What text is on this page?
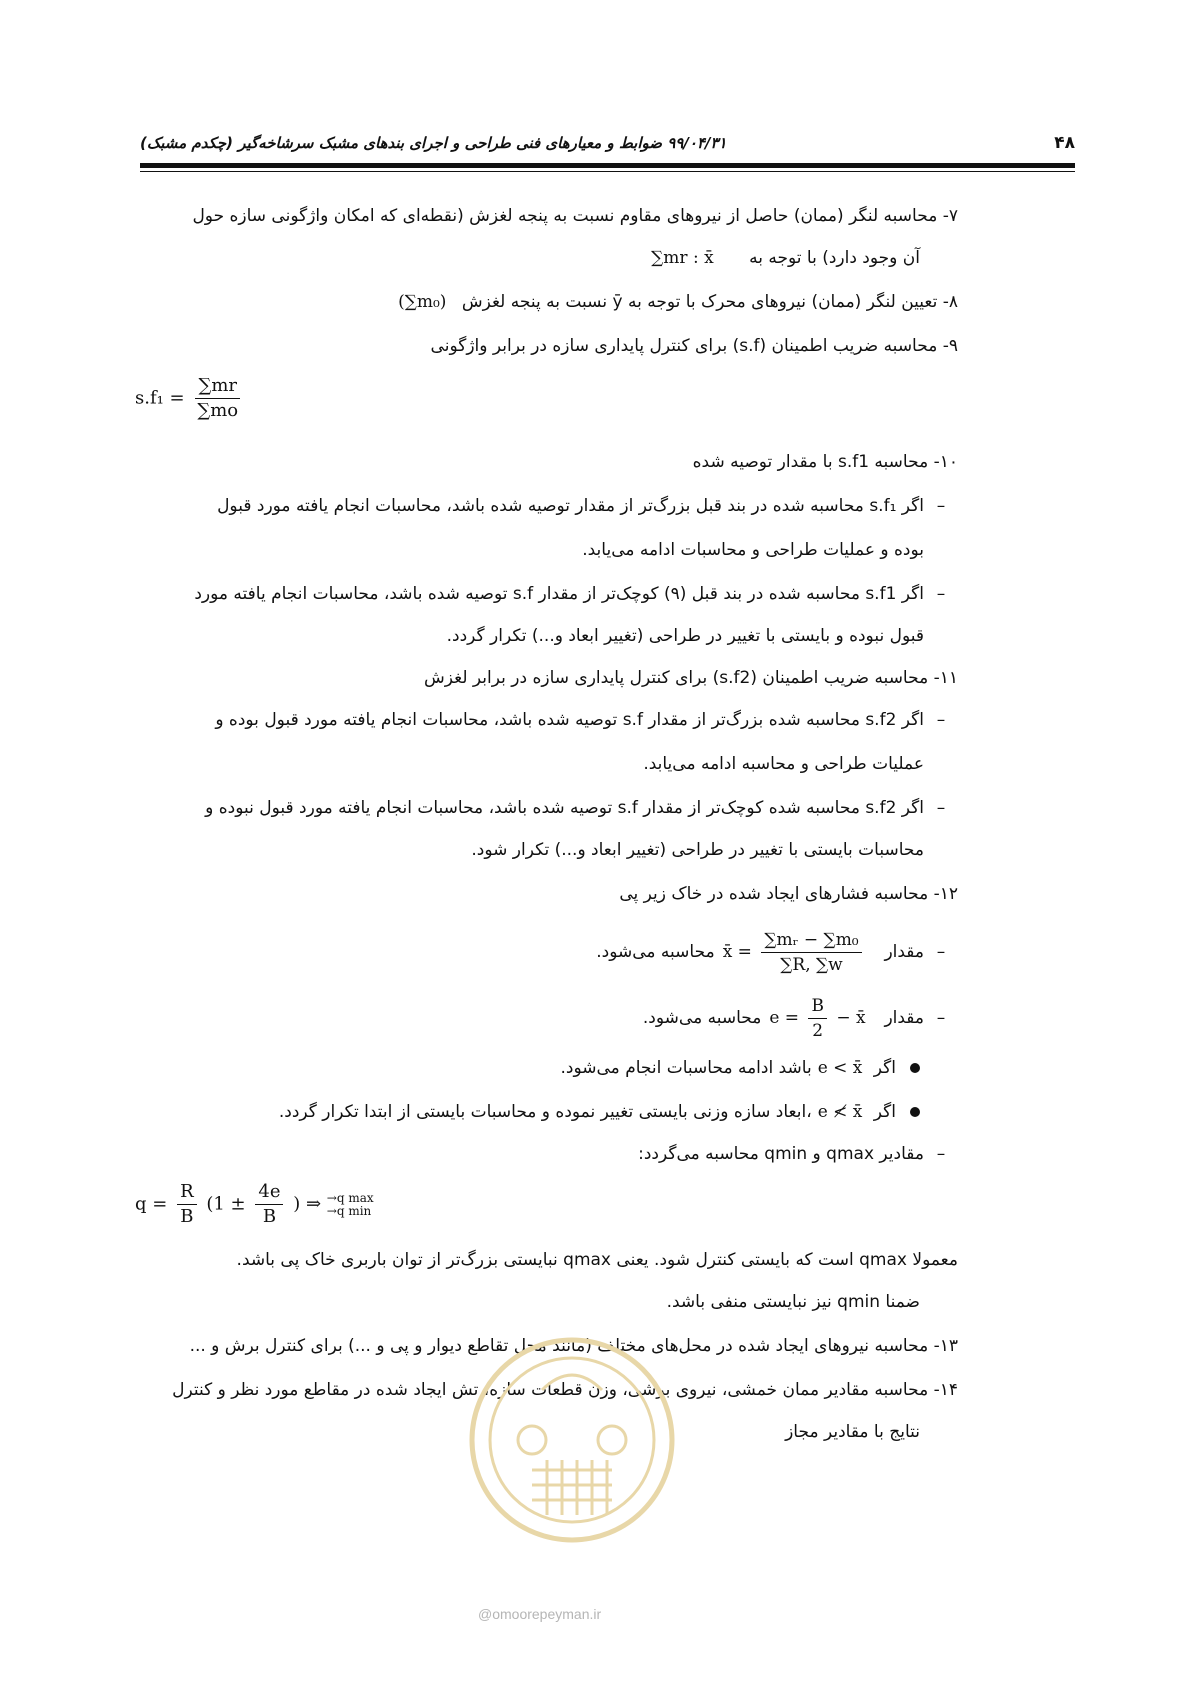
۴۸
۹۹/۰۴/۳۱ ضوابط و معیارهای فنی طراحی و اجرای بندهای مشبک سرشاخه‌گیر (چکدم مشبک)
۷- محاسبه لنگر (ممان) حاصل از نیروهای مقاوم نسبت به پنجه لغزش (نقطه‌ای که امکان واژگونی سازه حول
آن وجود دارد) با توجه به ∑mr : x̄
۸- تعیین لنگر (ممان) نیروهای محرک با توجه به ȳ نسبت به پنجه لغزش (∑m₀)
۹- محاسبه ضریب اطمینان (s.f) برای کنترل پایداری سازه در برابر واژگونی
$s.f_1 = \frac{\sum mr}{\sum mo}$
۱۰- محاسبه s.f1 با مقدار توصیه شده
–اگر s.f₁ محاسبه شده در بند قبل بزرگ‌تر از مقدار توصیه شده باشد، محاسبات انجام یافته مورد قبول
بوده و عملیات طراحی و محاسبات ادامه می‌یابد.
–اگر s.f1 محاسبه شده در بند قبل (۹) کوچک‌تر از مقدار s.f توصیه شده باشد، محاسبات انجام یافته مورد
قبول نبوده و بایستی با تغییر در طراحی (تغییر ابعاد و...) تکرار گردد.
۱۱- محاسبه ضریب اطمینان (s.f2) برای کنترل پایداری سازه در برابر لغزش
–اگر s.f2 محاسبه شده بزرگ‌تر از مقدار s.f توصیه شده باشد، محاسبات انجام یافته مورد قبول بوده و
عملیات طراحی و محاسبه ادامه می‌یابد.
–اگر s.f2 محاسبه شده کوچک‌تر از مقدار s.f توصیه شده باشد، محاسبات انجام یافته مورد قبول نبوده و
محاسبات بایستی با تغییر در طراحی (تغییر ابعاد و...) تکرار شود.
۱۲- محاسبه فشارهای ایجاد شده در خاک زیر پی
–مقدار x̄ = $\frac{\text{∑mᵣ − ∑m₀}}{\sum R, \sum w}$
محاسبه می‌شود.
–مقدار $e = \frac{B}{2}$ − x̄ محاسبه می‌شود.
اگر e < x̄باشد ادامه محاسبات انجام می‌شود.
اگر e ≮ x̄،ابعاد سازه وزنی بایستی تغییر نموده و محاسبات بایستی از ابتدا تکرار گردد.
–مقادیر qmax و qmin محاسبه می‌گردد:
$q = \frac{R}{B} (1 \pm \frac{4e}{B}$ ) ⇒ →q max
→q min
معمولا qmax است که بایستی کنترل شود. یعنی qmax نبایستی بزرگ‌تر از توان باربری خاک پی باشد.
ضمنا qmin نیز نبایستی منفی باشد.
۱۳- محاسبه نیروهای ایجاد شده در محل‌های مختلف (مانند محل تقاطع دیوار و پی و ...) برای کنترل برش و ...
۱۴- محاسبه مقادیر ممان خمشی، نیروی برشی، وزن قطعات سازه، تش ایجاد شده در مقاطع مورد نظر و کنترل
نتایج با مقادیر مجاز
@omoorepeyman.ir
